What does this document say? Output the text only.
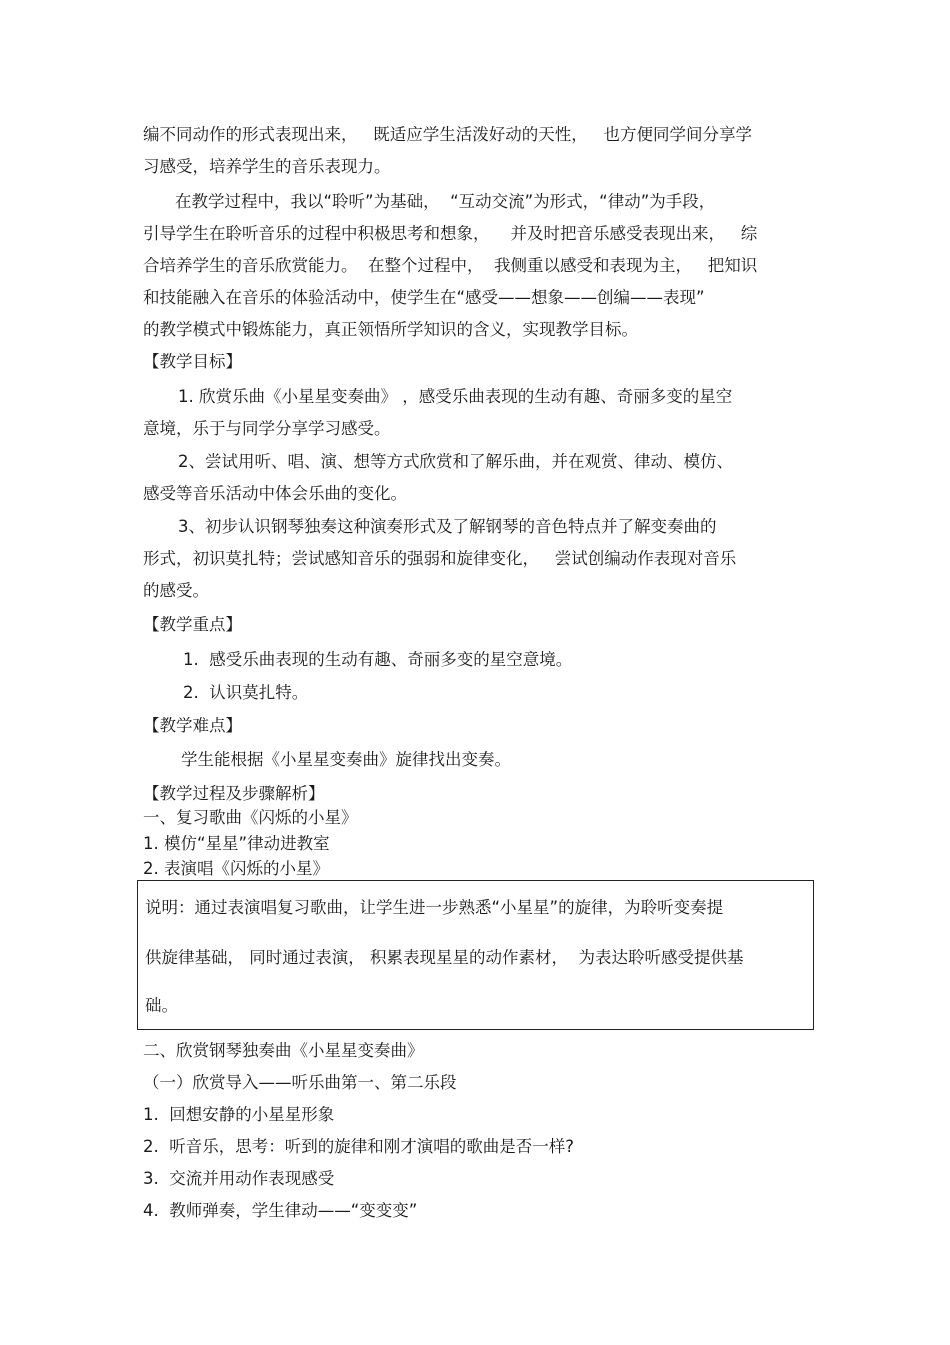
编不同动作的形式表现出来，   既适应学生活泼好动的天性，   也方便同学间分享学
习感受，培养学生的音乐表现力。
在教学过程中，我以“聆听”为基础，  “互动交流”为形式，“律动”为手段，
引导学生在聆听音乐的过程中积极思考和想象，    并及时把音乐感受表现出来，   综
合培养学生的音乐欣赏能力。  在整个过程中，  我侧重以感受和表现为主，   把知识
和技能融入在音乐的体验活动中，使学生在“感受——想象——创编——表现”
的教学模式中锻炼能力，真正领悟所学知识的含义，实现教学目标。
【教学目标】
1. 欣赏乐曲《小星星变奏曲》 ，感受乐曲表现的生动有趣、奇丽多变的星空
意境，乐于与同学分享学习感受。
2、尝试用听、唱、演、想等方式欣赏和了解乐曲，并在观赏、律动、模仿、
感受等音乐活动中体会乐曲的变化。
3、初步认识钢琴独奏这种演奏形式及了解钢琴的音色特点并了解变奏曲的
形式，初识莫扎特；尝试感知音乐的强弱和旋律变化，   尝试创编动作表现对音乐
的感受。
【教学重点】
1.  感受乐曲表现的生动有趣、奇丽多变的星空意境。
2.  认识莫扎特。
【教学难点】
学生能根据《小星星变奏曲》旋律找出变奏。
【教学过程及步骤解析】
一、复习歌曲《闪烁的小星》
1. 模仿“星星”律动进教室
2. 表演唱《闪烁的小星》
说明：通过表演唱复习歌曲，让学生进一步熟悉“小星星”的旋律，为聆听变奏提
供旋律基础， 同时通过表演， 积累表现星星的动作素材，  为表达聆听感受提供基
础。
二、欣赏钢琴独奏曲《小星星变奏曲》
（一）欣赏导入——听乐曲第一、第二乐段
1.  回想安静的小星星形象
2.  听音乐，思考：听到的旋律和刚才演唱的歌曲是否一样?
3.  交流并用动作表现感受
4.  教师弹奏，学生律动——“变变变”
